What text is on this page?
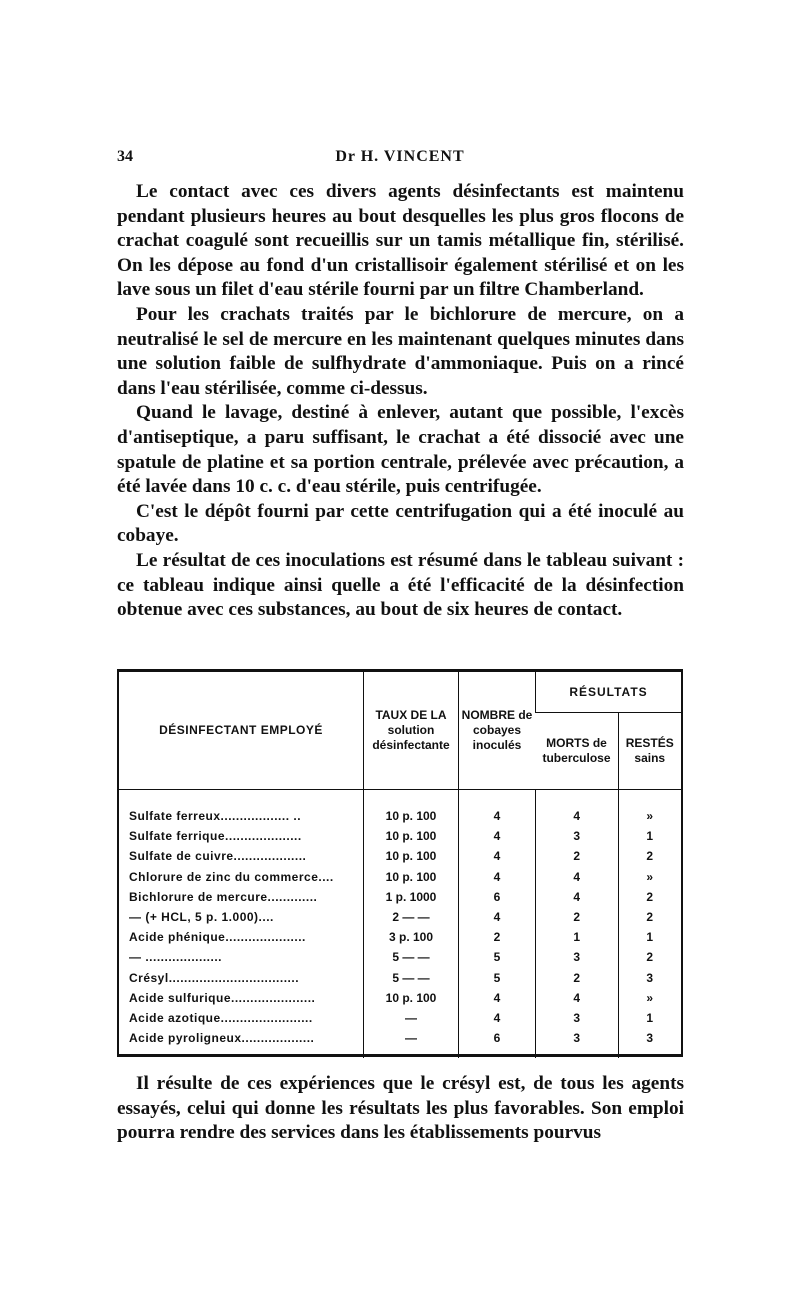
34	Dr H. VINCENT

Le contact avec ces divers agents désinfectants est maintenu pendant plusieurs heures au bout desquelles les plus gros flocons de crachat coagulé sont recueillis sur un tamis métallique fin, stérilisé. On les dépose au fond d'un cristallisoir également stérilisé et on les lave sous un filet d'eau stérile fourni par un filtre Chamberland.

Pour les crachats traités par le bichlorure de mercure, on a neutralisé le sel de mercure en les maintenant quelques minutes dans une solution faible de sulfhydrate d'ammoniaque. Puis on a rincé dans l'eau stérilisée, comme ci-dessus.

Quand le lavage, destiné à enlever, autant que possible, l'excès d'antiseptique, a paru suffisant, le crachat a été dissocié avec une spatule de platine et sa portion centrale, prélevée avec précaution, a été lavée dans 10 c. c. d'eau stérile, puis centrifugée.

C'est le dépôt fourni par cette centrifugation qui a été inoculé au cobaye.

Le résultat de ces inoculations est résumé dans le tableau suivant : ce tableau indique ainsi quelle a été l'efficacité de la désinfection obtenue avec ces substances, au bout de six heures de contact.

DÉSINFECTANT EMPLOYÉ	TAUX DE LA solution désinfectante	NOMBRE de cobayes inoculés	RÉSULTATS	
			MORTS de tuberculose	RESTÉS sains

Sulfate ferreux.................. ..	10 p. 100	4	4	»
Sulfate ferrique....................	10 p. 100	4	3	1
Sulfate de cuivre...................	10 p. 100	4	2	2
Chlorure de zinc du commerce....	10 p. 100	4	4	»
Bichlorure de mercure.............	1 p. 1000	6	4	2
— (+ HCL, 5 p. 1.000)....	2 — —	4	2	2
Acide phénique.....................	3 p. 100	2	1	1
— ....................	5 — —	5	3	2
Crésyl..................................	5 — —	5	2	3
Acide sulfurique......................	10 p. 100	4	4	»
Acide azotique........................	—	4	3	1
Acide pyroligneux...................	—	6	3	3

Il résulte de ces expériences que le crésyl est, de tous les agents essayés, celui qui donne les résultats les plus favorables. Son emploi pourra rendre des services dans les établissements pourvus
